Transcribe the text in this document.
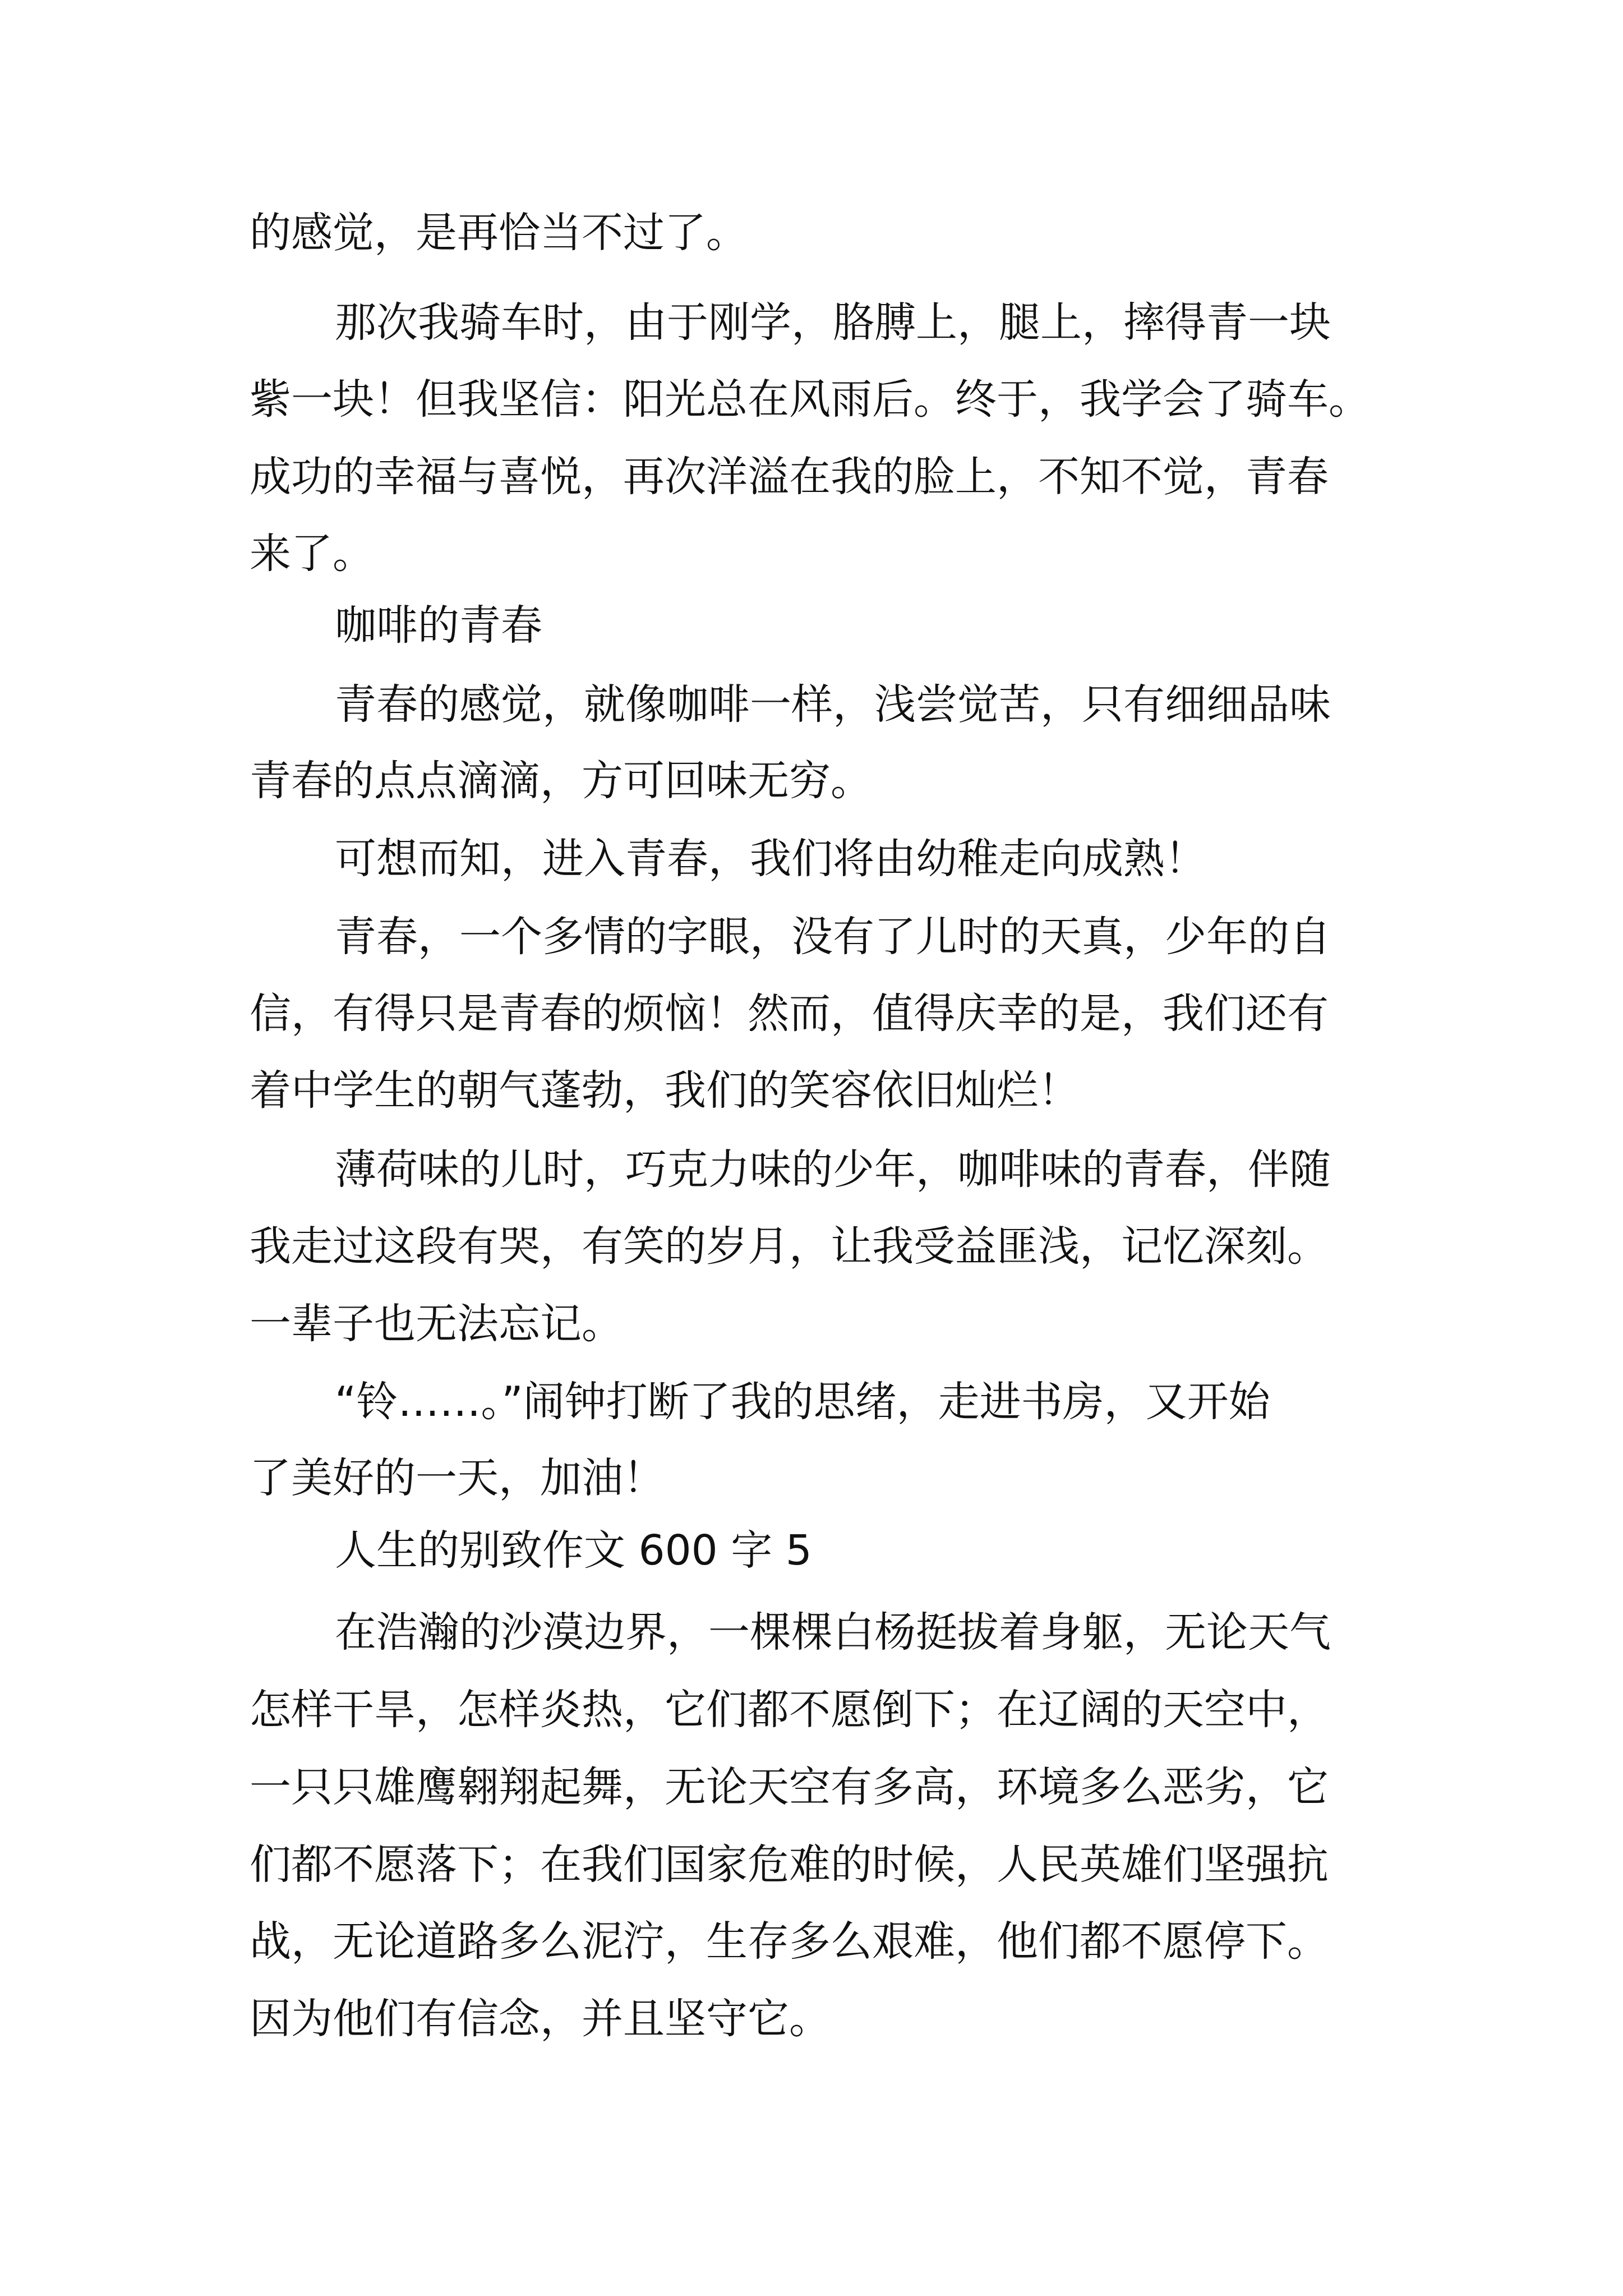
的感觉，是再恰当不过了。

那次我骑车时，由于刚学，胳膊上，腿上，摔得青一块

紫一块！但我坚信：阳光总在风雨后。终于，我学会了骑车。

成功的幸福与喜悦，再次洋溢在我的脸上，不知不觉，青春

来了。

咖啡的青春

青春的感觉，就像咖啡一样，浅尝觉苦，只有细细品味

青春的点点滴滴，方可回味无穷。

可想而知，进入青春，我们将由幼稚走向成熟！

青春，一个多情的字眼，没有了儿时的天真，少年的自

信，有得只是青春的烦恼！然而，值得庆幸的是，我们还有

着中学生的朝气蓬勃，我们的笑容依旧灿烂！

薄荷味的儿时，巧克力味的少年，咖啡味的青春，伴随

我走过这段有哭，有笑的岁月，让我受益匪浅，记忆深刻。

一辈子也无法忘记。

“铃……。”闹钟打断了我的思绪，走进书房，又开始

了美好的一天，加油！

人生的别致作文 600 字 5

在浩瀚的沙漠边界，一棵棵白杨挺拔着身躯，无论天气

怎样干旱，怎样炎热，它们都不愿倒下；在辽阔的天空中，

一只只雄鹰翱翔起舞，无论天空有多高，环境多么恶劣，它

们都不愿落下；在我们国家危难的时候，人民英雄们坚强抗

战，无论道路多么泥泞，生存多么艰难，他们都不愿停下。

因为他们有信念，并且坚守它。
